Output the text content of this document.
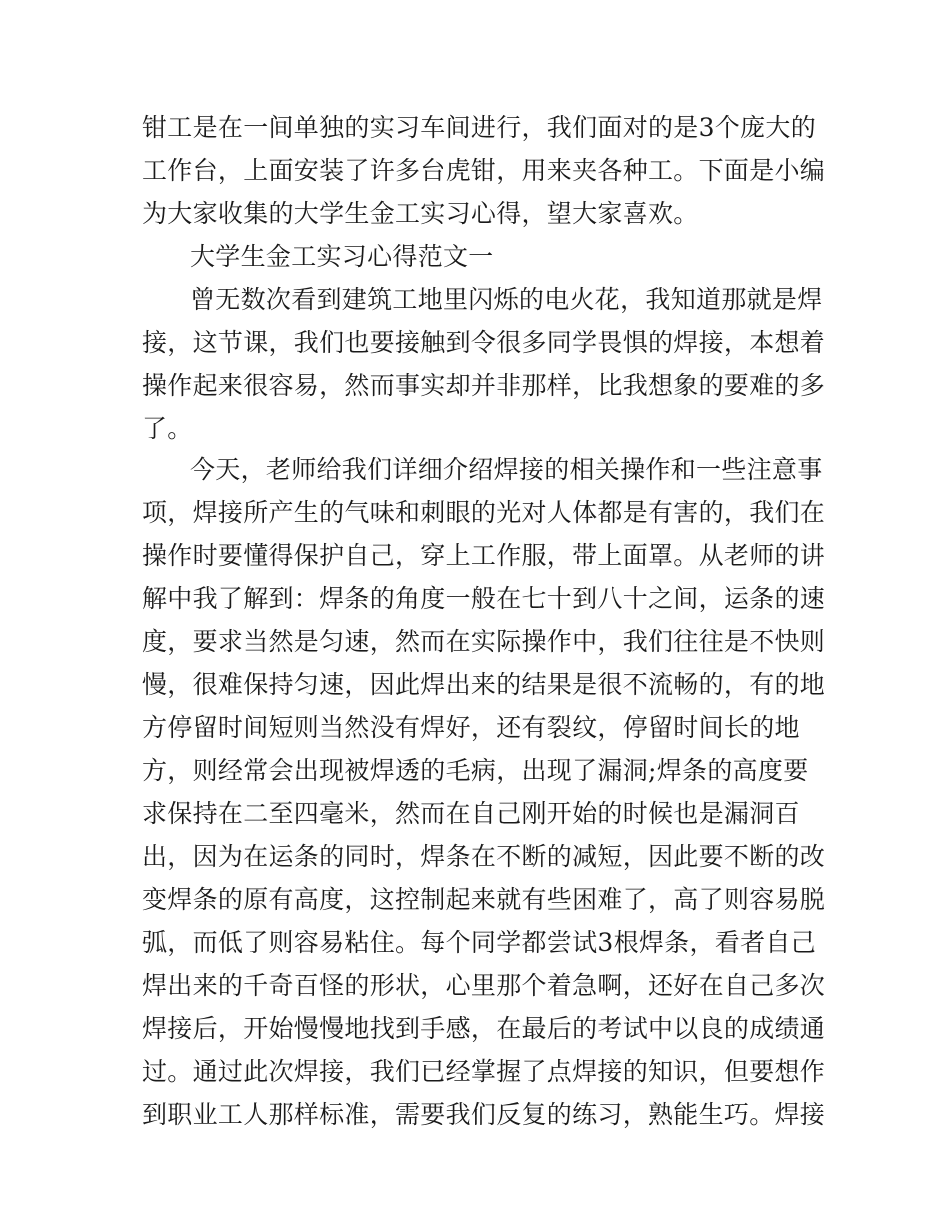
钳工是在一间单独的实习车间进行，我们面对的是3个庞大的
工作台，上面安装了许多台虎钳，用来夹各种工。下面是小编
为大家收集的大学生金工实习心得，望大家喜欢。
大学生金工实习心得范文一
曾无数次看到建筑工地里闪烁的电火花，我知道那就是焊
接，这节课，我们也要接触到令很多同学畏惧的焊接，本想着
操作起来很容易，然而事实却并非那样，比我想象的要难的多
了。
今天，老师给我们详细介绍焊接的相关操作和一些注意事
项，焊接所产生的气味和刺眼的光对人体都是有害的，我们在
操作时要懂得保护自己，穿上工作服，带上面罩。从老师的讲
解中我了解到：焊条的角度一般在七十到八十之间，运条的速
度，要求当然是匀速，然而在实际操作中，我们往往是不快则
慢，很难保持匀速，因此焊出来的结果是很不流畅的，有的地
方停留时间短则当然没有焊好，还有裂纹，停留时间长的地
方，则经常会出现被焊透的毛病，出现了漏洞;焊条的高度要
求保持在二至四毫米，然而在自己刚开始的时候也是漏洞百
出，因为在运条的同时，焊条在不断的减短，因此要不断的改
变焊条的原有高度，这控制起来就有些困难了，高了则容易脱
弧，而低了则容易粘住。每个同学都尝试3根焊条，看者自己
焊出来的千奇百怪的形状，心里那个着急啊，还好在自己多次
焊接后，开始慢慢地找到手感，在最后的考试中以良的成绩通
过。通过此次焊接，我们已经掌握了点焊接的知识，但要想作
到职业工人那样标准，需要我们反复的练习，熟能生巧。焊接
